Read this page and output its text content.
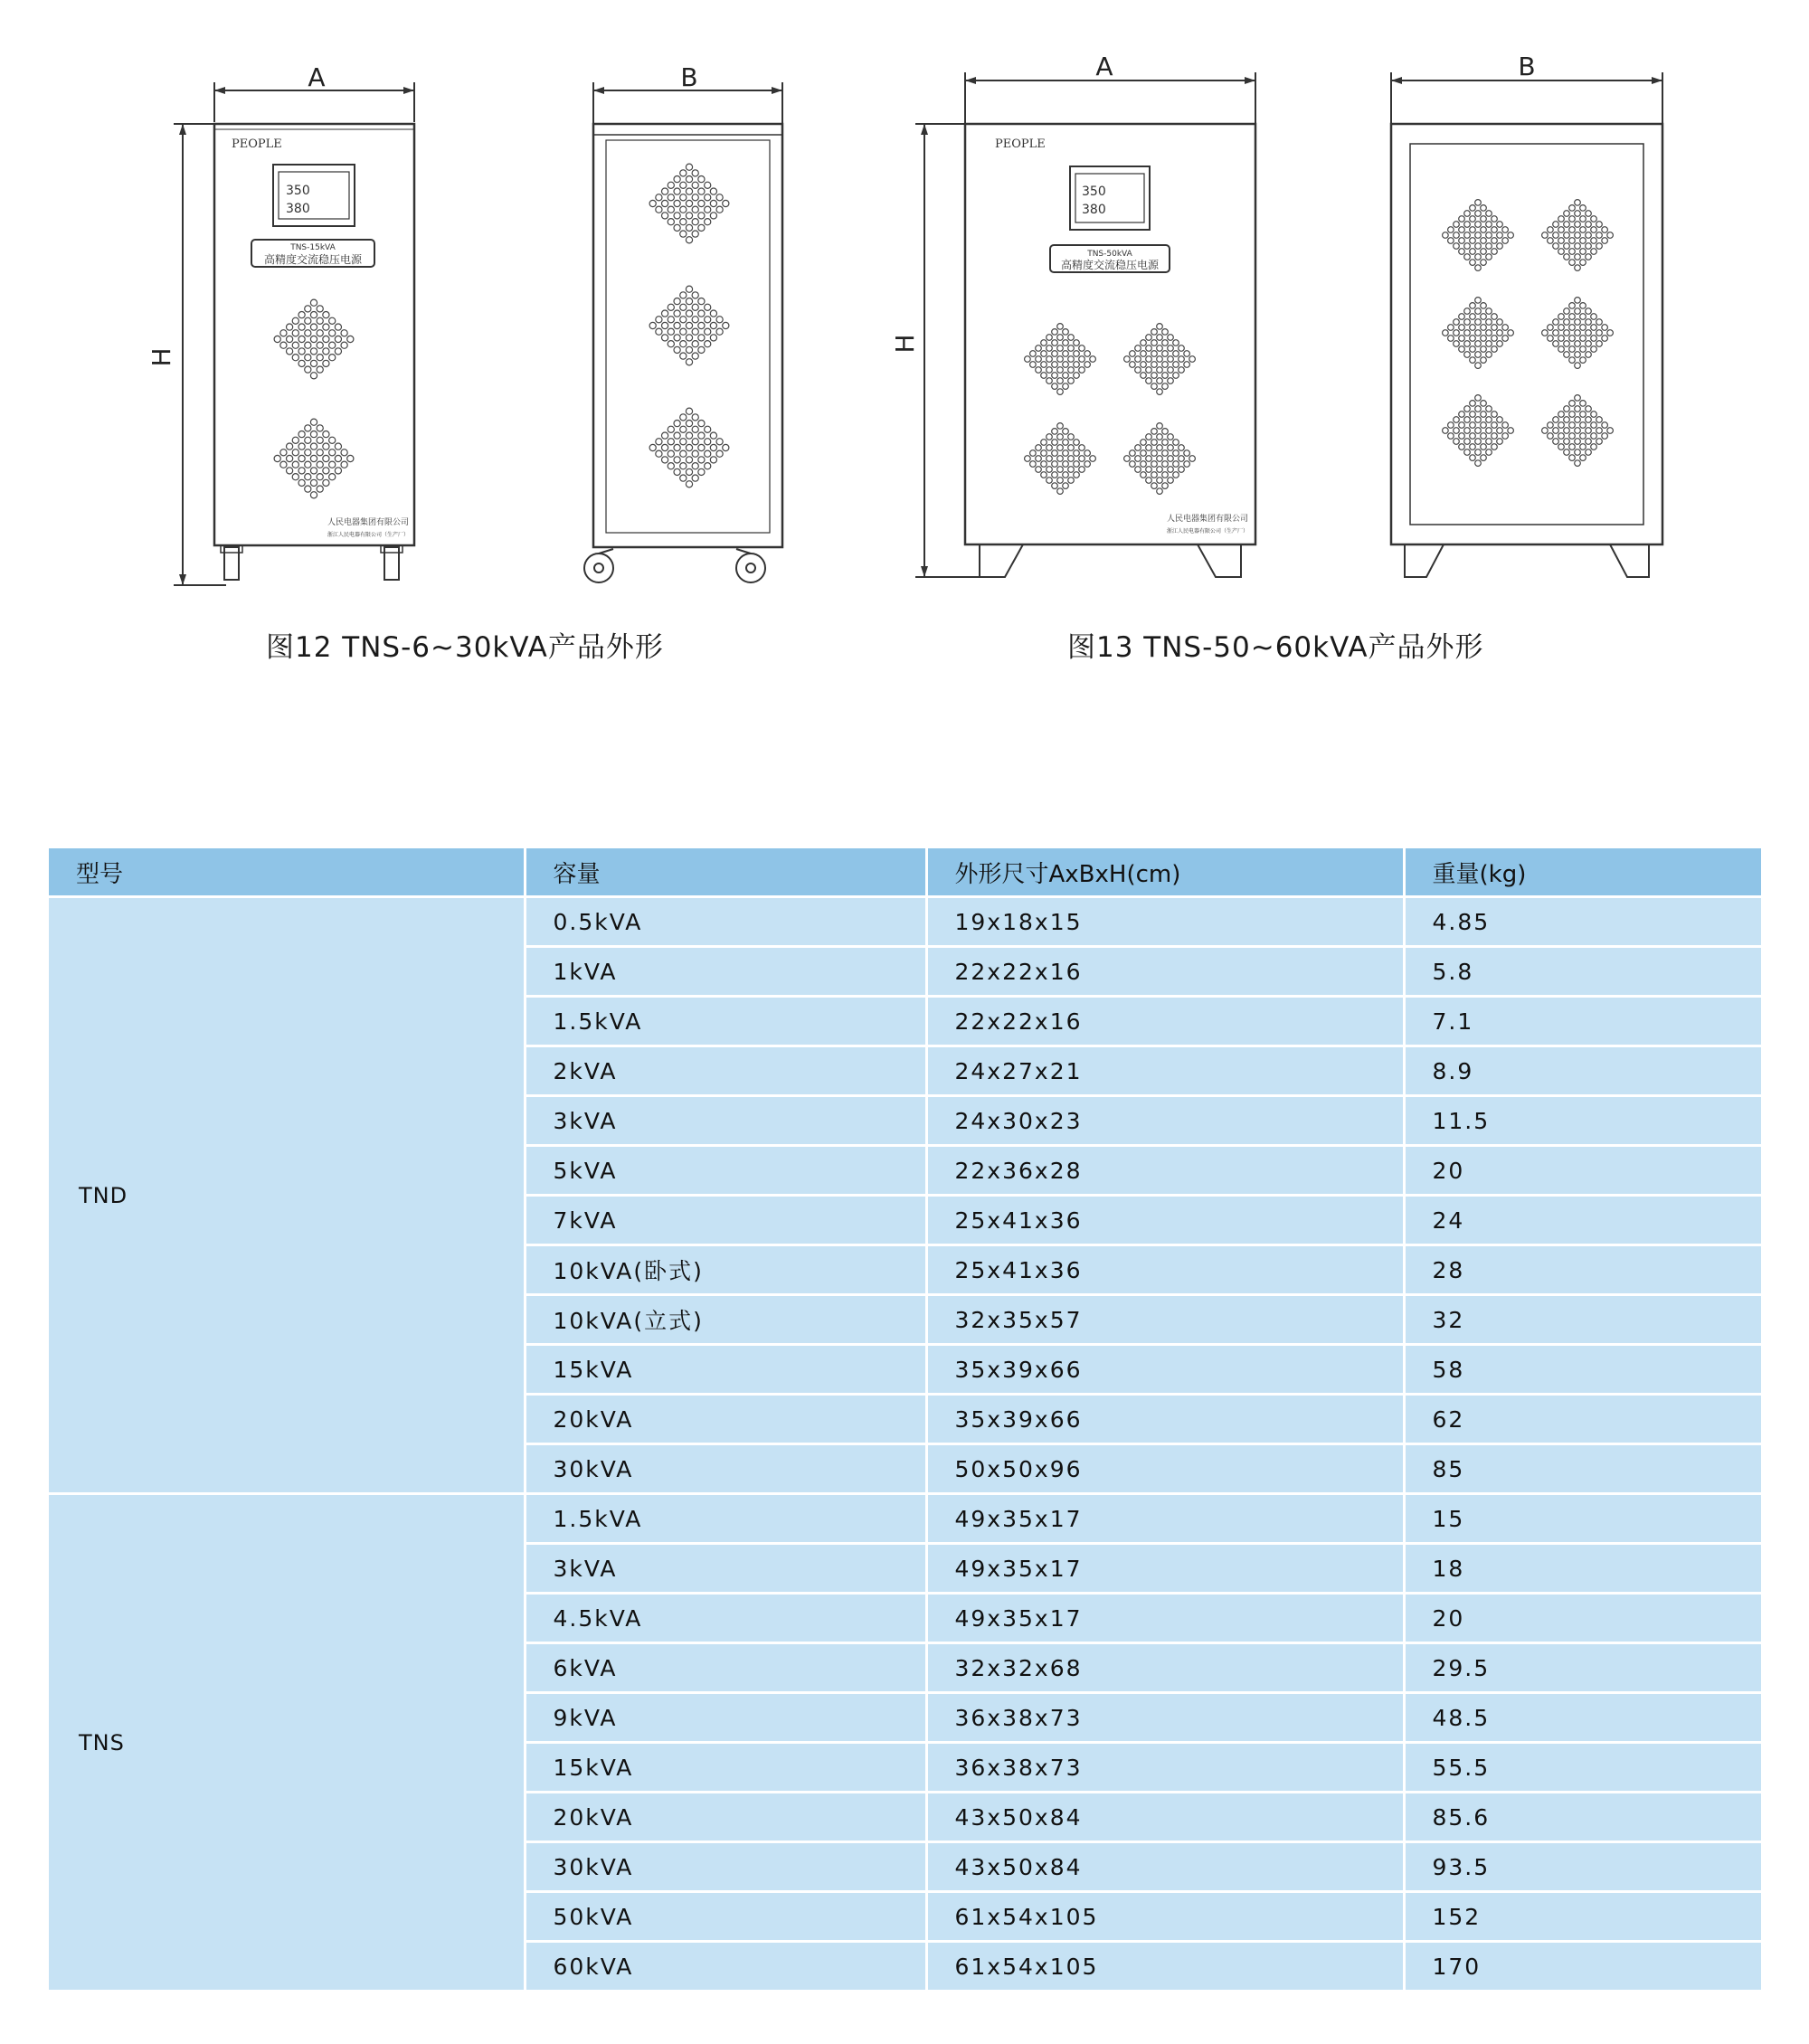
A	B
H
PEOPLE
350
380
TNS-15kVA
高精度交流稳压电源
人民电器集团有限公司
浙江人民电器有限公司（生产厂）
图12 TNS-6~30kVA产品外形
A	B
H
PEOPLE
350
380
TNS-50kVA
高精度交流稳压电源
人民电器集团有限公司
浙江人民电器有限公司（生产厂）
图13 TNS-50~60kVA产品外形
型号	容量	外形尺寸AxBxH(cm)	重量(kg)
TND	0.5kVA	19x18x15	4.85
	1kVA	22x22x16	5.8
	1.5kVA	22x22x16	7.1
	2kVA	24x27x21	8.9
	3kVA	24x30x23	11.5
	5kVA	22x36x28	20
	7kVA	25x41x36	24
	10kVA(卧式)	25x41x36	28
	10kVA(立式)	32x35x57	32
	15kVA	35x39x66	58
	20kVA	35x39x66	62
	30kVA	50x50x96	85
TNS	1.5kVA	49x35x17	15
	3kVA	49x35x17	18
	4.5kVA	49x35x17	20
	6kVA	32x32x68	29.5
	9kVA	36x38x73	48.5
	15kVA	36x38x73	55.5
	20kVA	43x50x84	85.6
	30kVA	43x50x84	93.5
	50kVA	61x54x105	152
	60kVA	61x54x105	170
